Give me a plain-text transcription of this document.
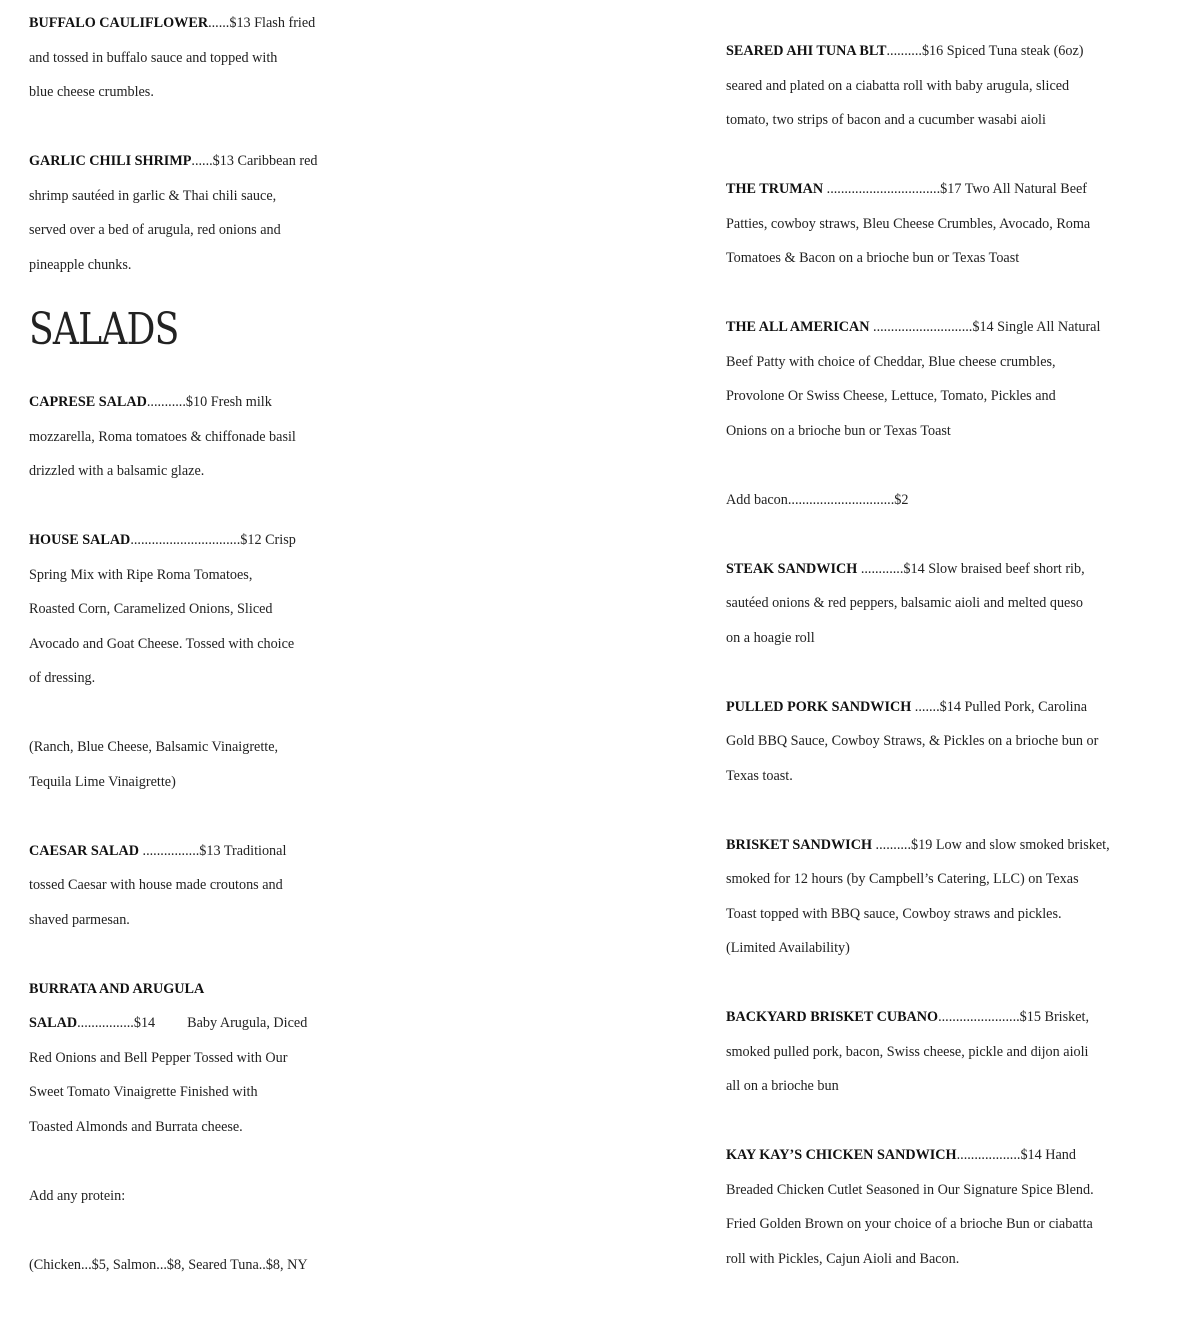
BUFFALO CAULIFLOWER......$13 Flash fried

and tossed in buffalo sauce and topped with

blue cheese crumbles.

GARLIC CHILI SHRIMP......$13 Caribbean red

shrimp sautéed in garlic & Thai chili sauce,

served over a bed of arugula, red onions and

pineapple chunks.

SALADS

CAPRESE SALAD...........$10 Fresh milk

mozzarella, Roma tomatoes & chiffonade basil

drizzled with a balsamic glaze.

HOUSE SALAD...............................$12 Crisp

Spring Mix with Ripe Roma Tomatoes,

Roasted Corn, Caramelized Onions, Sliced

Avocado and Goat Cheese. Tossed with choice

of dressing.

(Ranch, Blue Cheese, Balsamic Vinaigrette,

Tequila Lime Vinaigrette)

CAESAR SALAD ................$13 Traditional

tossed Caesar with house made croutons and

shaved parmesan.

BURRATA AND ARUGULA

SALAD................$14 Baby Arugula, Diced

Red Onions and Bell Pepper Tossed with Our

Sweet Tomato Vinaigrette Finished with

Toasted Almonds and Burrata cheese.

Add any protein:

(Chicken...$5, Salmon...$8, Seared Tuna..$8, NY

SEARED AHI TUNA BLT..........$16 Spiced Tuna steak (6oz)

seared and plated on a ciabatta roll with baby arugula, sliced

tomato, two strips of bacon and a cucumber wasabi aioli

THE TRUMAN ................................$17 Two All Natural Beef

Patties, cowboy straws, Bleu Cheese Crumbles, Avocado, Roma

Tomatoes & Bacon on a brioche bun or Texas Toast

THE ALL AMERICAN ............................$14 Single All Natural

Beef Patty with choice of Cheddar, Blue cheese crumbles,

Provolone Or Swiss Cheese, Lettuce, Tomato, Pickles and

Onions on a brioche bun or Texas Toast

Add bacon..............................$2

STEAK SANDWICH ............$14 Slow braised beef short rib,

sautéed onions & red peppers, balsamic aioli and melted queso

on a hoagie roll

PULLED PORK SANDWICH .......$14 Pulled Pork, Carolina

Gold BBQ Sauce, Cowboy Straws, & Pickles on a brioche bun or

Texas toast.

BRISKET SANDWICH ..........$19 Low and slow smoked brisket,

smoked for 12 hours (by Campbell’s Catering, LLC) on Texas

Toast topped with BBQ sauce, Cowboy straws and pickles.

(Limited Availability)

BACKYARD BRISKET CUBANO.......................$15 Brisket,

smoked pulled pork, bacon, Swiss cheese, pickle and dijon aioli

all on a brioche bun

KAY KAY’S CHICKEN SANDWICH..................$14 Hand

Breaded Chicken Cutlet Seasoned in Our Signature Spice Blend.

Fried Golden Brown on your choice of a brioche Bun or ciabatta

roll with Pickles, Cajun Aioli and Bacon.
